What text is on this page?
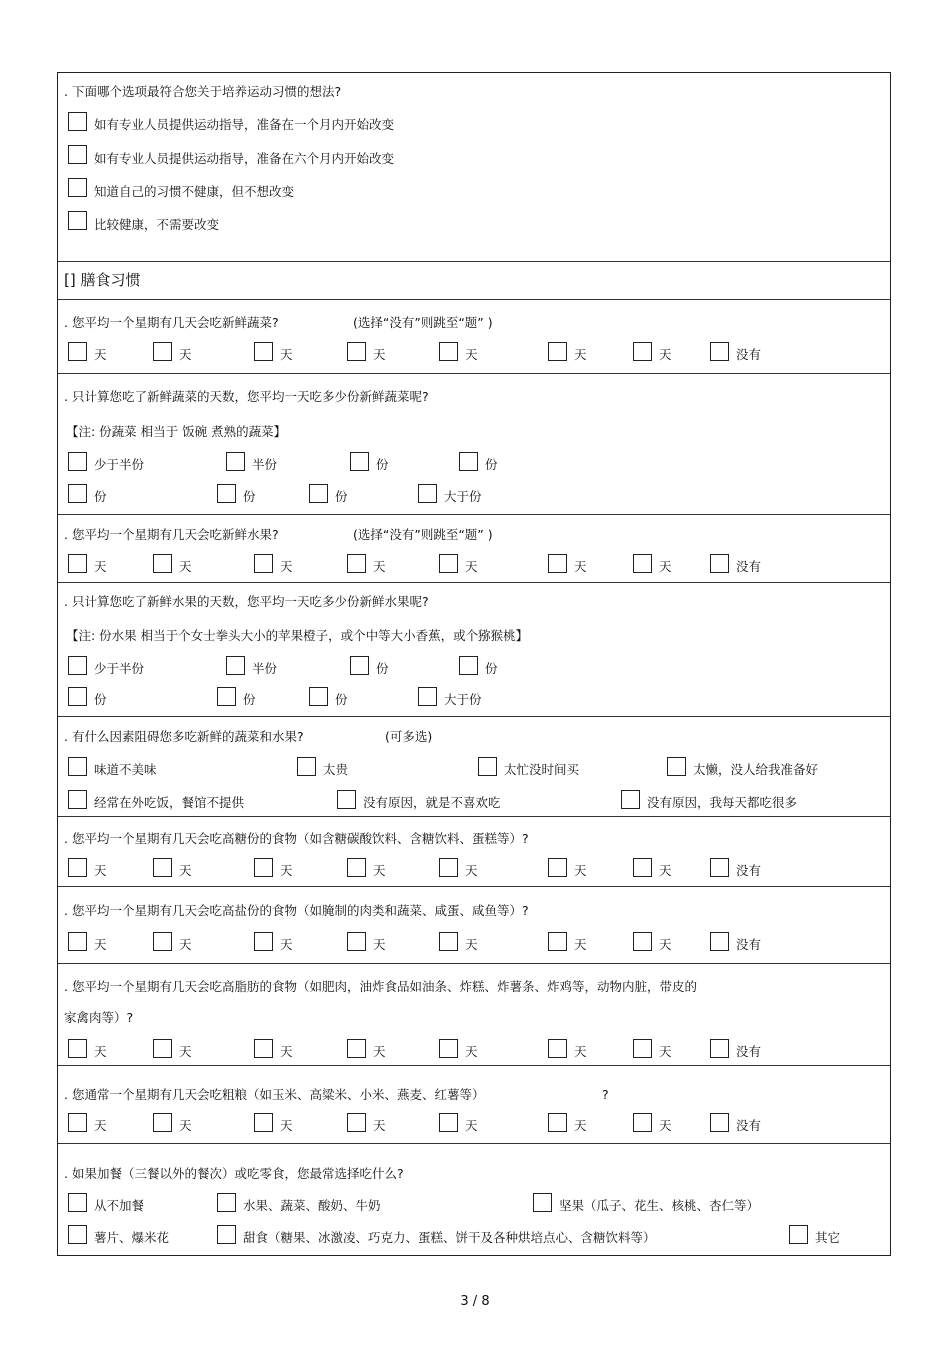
. 下面哪个选项最符合您关于培养运动习惯的想法?
如有专业人员提供运动指导，准备在一个月内开始改变
如有专业人员提供运动指导，准备在六个月内开始改变
知道自己的习惯不健康，但不想改变
比较健康，不需要改变
[] 膳食习惯
. 您平均一个星期有几天会吃新鲜蔬菜?	(选择“没有”则跳至“题” )
天	天	天	天	天	天	天	没有
. 只计算您吃了新鲜蔬菜的天数，您平均一天吃多少份新鲜蔬菜呢?
【注: 份蔬菜 相当于 饭碗 煮熟的蔬菜】
少于半份	半份	份	份
份	份	份	大于份
. 您平均一个星期有几天会吃新鲜水果?	(选择“没有”则跳至“题” )
天	天	天	天	天	天	天	没有
. 只计算您吃了新鲜水果的天数，您平均一天吃多少份新鲜水果呢?
【注: 份水果 相当于个女士拳头大小的苹果橙子，或个中等大小香蕉，或个猕猴桃】
少于半份	半份	份	份
份	份	份	大于份
. 有什么因素阻碍您多吃新鲜的蔬菜和水果?	(可多选)
味道不美味	太贵	太忙没时间买	太懒，没人给我准备好
经常在外吃饭，餐馆不提供	没有原因，就是不喜欢吃	没有原因，我每天都吃很多
. 您平均一个星期有几天会吃高糖份的食物（如含糖碳酸饮料、含糖饮料、蛋糕等）?
天	天	天	天	天	天	天	没有
. 您平均一个星期有几天会吃高盐份的食物（如腌制的肉类和蔬菜、咸蛋、咸鱼等）?
天	天	天	天	天	天	天	没有
. 您平均一个星期有几天会吃高脂肪的食物（如肥肉，油炸食品如油条、炸糕、炸薯条、炸鸡等，动物内脏，带皮的
家禽肉等）?
天	天	天	天	天	天	天	没有
. 您通常一个星期有几天会吃粗粮（如玉米、高粱米、小米、燕麦、红薯等）	?
天	天	天	天	天	天	天	没有
. 如果加餐（三餐以外的餐次）或吃零食，您最常选择吃什么?
从不加餐	水果、蔬菜、酸奶、牛奶	坚果（瓜子、花生、核桃、杏仁等）
薯片、爆米花	甜食（糖果、冰激凌、巧克力、蛋糕、饼干及各种烘培点心、含糖饮料等）	其它
3 / 8
